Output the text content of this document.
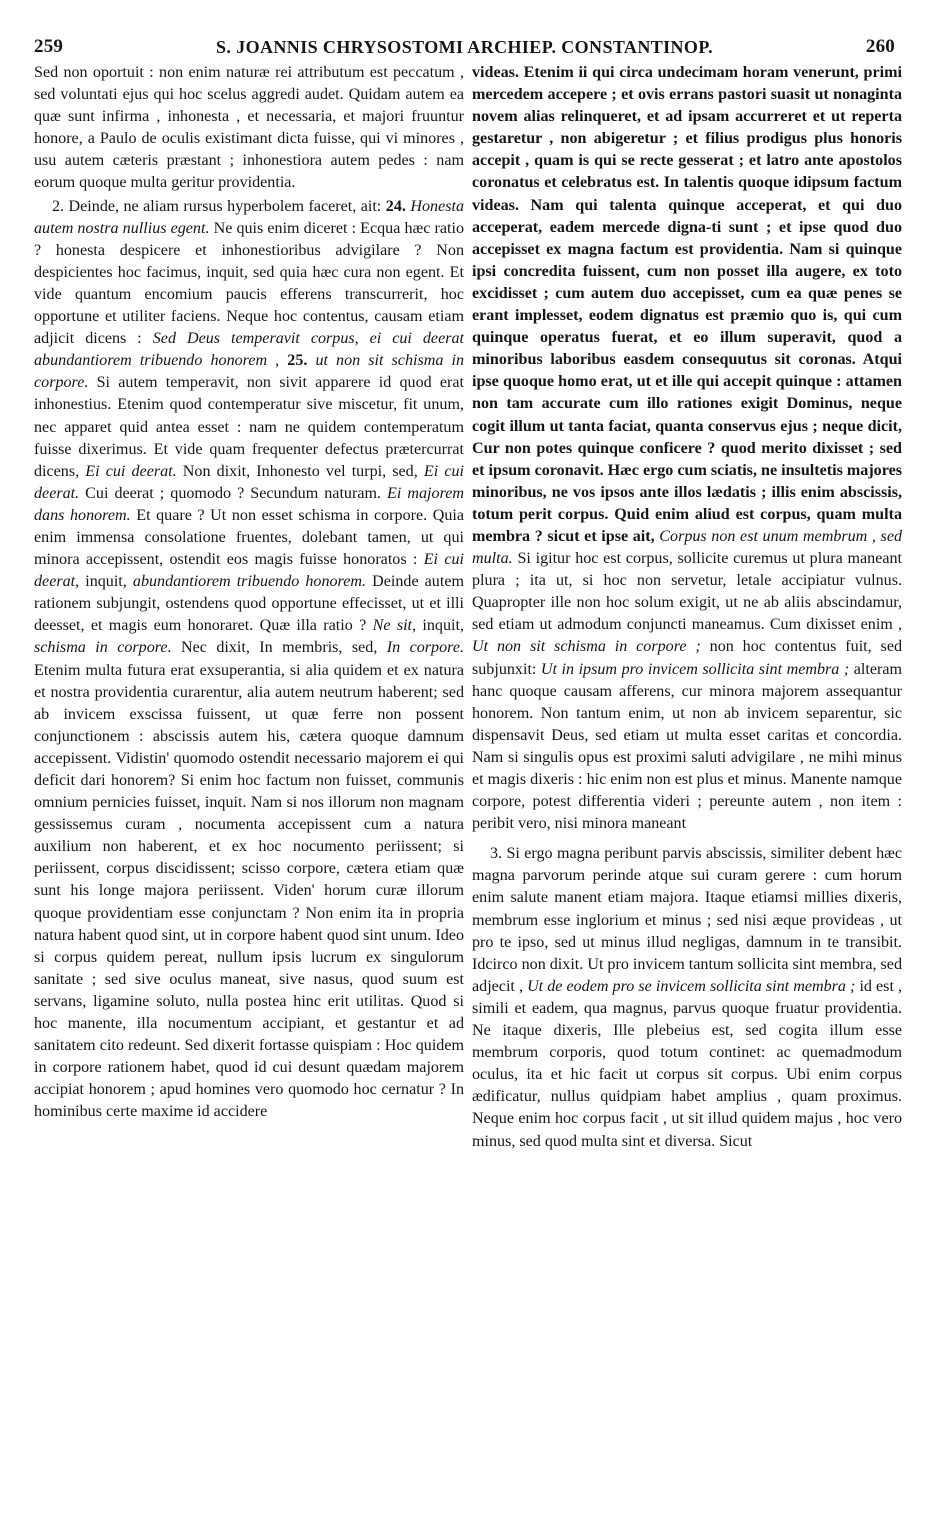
259	S. JOANNIS CHRYSOSTOMI ARCHIEP. CONSTANTINOP.	260

Sed non oportuit : non enim naturæ rei attributum est peccatum , sed voluntati ejus qui hoc scelus aggredi audet. Quidam autem ea quæ sunt infirma , inhonesta , et necessaria, et majori fruuntur honore, a Paulo de oculis existimant dicta fuisse, qui vi minores , usu autem cæteris præstant ; inhonestiora autem pedes : nam eorum quoque multa geritur providentia.

2. Deinde, ne aliam rursus hyperbolem faceret, ait: 24. Honesta autem nostra nullius egent. Ne quis enim diceret : Ecqua hæc ratio ? honesta despicere et inhonestioribus advigilare ? Non despicientes hoc facimus, inquit, sed quia hæc cura non egent. Et vide quantum encomium paucis efferens transcurrerit, hoc opportune et utiliter faciens. Neque hoc contentus, causam etiam adjicit dicens : Sed Deus temperavit corpus, ei cui deerat abundantiorem tribuendo honorem , 25. ut non sit schisma in corpore. Si autem temperavit, non sivit apparere id quod erat inhonestius. Etenim quod contemperatur sive miscetur, fit unum, nec apparet quid antea esset : nam ne quidem contemperatum fuisse dixerimus. Et vide quam frequenter defectus prætercurrat dicens, Ei cui deerat. Non dixit, Inhonesto vel turpi, sed, Ei cui deerat. Cui deerat ; quomodo ? Secundum naturam. Ei majorem dans honorem. Et quare ? Ut non esset schisma in corpore. Quia enim immensa consolatione fruentes, dolebant tamen, ut qui minora accepissent, ostendit eos magis fuisse honoratos : Ei cui deerat, inquit, abundantiorem tribuendo honorem. Deinde autem rationem subjungit, ostendens quod opportune effecisset, ut et illi deesset, et magis eum honoraret. Quæ illa ratio ? Ne sit, inquit, schisma in corpore. Nec dixit, In membris, sed, In corpore. Etenim multa futura erat exsuperantia, si alia quidem et ex natura et nostra providentia curarentur, alia autem neutrum haberent; sed ab invicem exscissa fuissent, ut quæ ferre non possent conjunctionem : abscissis autem his, cætera quoque damnum accepissent. Vidistin' quomodo ostendit necessario majorem ei qui deficit dari honorem? Si enim hoc factum non fuisset, communis omnium pernicies fuisset, inquit. Nam si nos illorum non magnam gessissemus curam , nocumenta accepissent cum a natura auxilium non haberent, et ex hoc nocumento periissent; si periissent, corpus discidissent; scisso corpore, cætera etiam quæ sunt his longe majora periissent. Viden' horum curæ illorum quoque providentiam esse conjunctam ? Non enim ita in propria natura habent quod sint, ut in corpore habent quod sint unum. Ideo si corpus quidem pereat, nullum ipsis lucrum ex singulorum sanitate ; sed sive oculus maneat, sive nasus, quod suum est servans, ligamine soluto, nulla postea hinc erit utilitas. Quod si hoc manente, illa nocumentum accipiant, et gestantur et ad sanitatem cito redeunt. Sed dixerit fortasse quispiam : Hoc quidem in corpore rationem habet, quod id cui desunt quædam majorem accipiat honorem ; apud homines vero quomodo hoc cernatur ? In hominibus certe maxime id accidere

videas. Etenim ii qui circa undecimam horam venerunt, primi mercedem accepere ; et ovis errans pastori suasit ut nonaginta novem alias relinqueret, et ad ipsam accurreret et ut reperta gestaretur , non abigeretur ; et filius prodigus plus honoris accepit , quam is qui se recte gesserat ; et latro ante apostolos coronatus et celebratus est. In talentis quoque idipsum factum videas. Nam qui talenta quinque acceperat, et qui duo acceperat, eadem mercede digna-ti sunt ; et ipse quod duo accepisset ex magna factum est providentia. Nam si quinque ipsi concredita fuissent, cum non posset illa augere, ex toto excidisset ; cum autem duo accepisset, cum ea quæ penes se erant implesset, eodem dignatus est præmio quo is, qui cum quinque operatus fuerat, et eo illum superavit, quod a minoribus laboribus easdem consequutus sit coronas. Atqui ipse quoque homo erat, ut et ille qui accepit quinque : attamen non tam accurate cum illo rationes exigit Dominus, neque cogit illum ut tanta faciat, quanta conservus ejus ; neque dicit, Cur non potes quinque conficere ? quod merito dixisset ; sed et ipsum coronavit. Hæc ergo cum sciatis, ne insultetis majores minoribus, ne vos ipsos ante illos lædatis ; illis enim abscissis, totum perit corpus. Quid enim aliud est corpus, quam multa membra ? sicut et ipse ait, Corpus non est unum membrum , sed multa. Si igitur hoc est corpus, sollicite curemus ut plura maneant plura ; ita ut, si hoc non servetur, letale accipiatur vulnus. Quapropter ille non hoc solum exigit, ut ne ab aliis abscindamur, sed etiam ut admodum conjuncti maneamus. Cum dixisset enim , Ut non sit schisma in corpore ; non hoc contentus fuit, sed subjunxit: Ut in ipsum pro invicem sollicita sint membra ; alteram hanc quoque causam afferens, cur minora majorem assequantur honorem. Non tantum enim, ut non ab invicem separentur, sic dispensavit Deus, sed etiam ut multa esset caritas et concordia. Nam si singulis opus est proximi saluti advigilare , ne mihi minus et magis dixeris : hic enim non est plus et minus. Manente namque corpore, potest differentia videri ; pereunte autem , non item : peribit vero, nisi minora maneant

3. Si ergo magna peribunt parvis abscissis, similiter debent hæc magna parvorum perinde atque sui curam gerere : cum horum enim salute manent etiam majora. Itaque etiamsi millies dixeris, membrum esse inglorium et minus ; sed nisi æque provideas , ut pro te ipso, sed ut minus illud negligas, damnum in te transibit. Idcirco non dixit. Ut pro invicem tantum sollicita sint membra, sed adjecit , Ut de eodem pro se invicem sollicita sint membra ; id est , simili et eadem, qua magnus, parvus quoque fruatur providentia. Ne itaque dixeris, Ille plebeius est, sed cogita illum esse membrum corporis, quod totum continet: ac quemadmodum oculus, ita et hic facit ut corpus sit corpus. Ubi enim corpus ædificatur, nullus quidpiam habet amplius , quam proximus. Neque enim hoc corpus facit , ut sit illud quidem majus , hoc vero minus, sed quod multa sint et diversa. Sicut
